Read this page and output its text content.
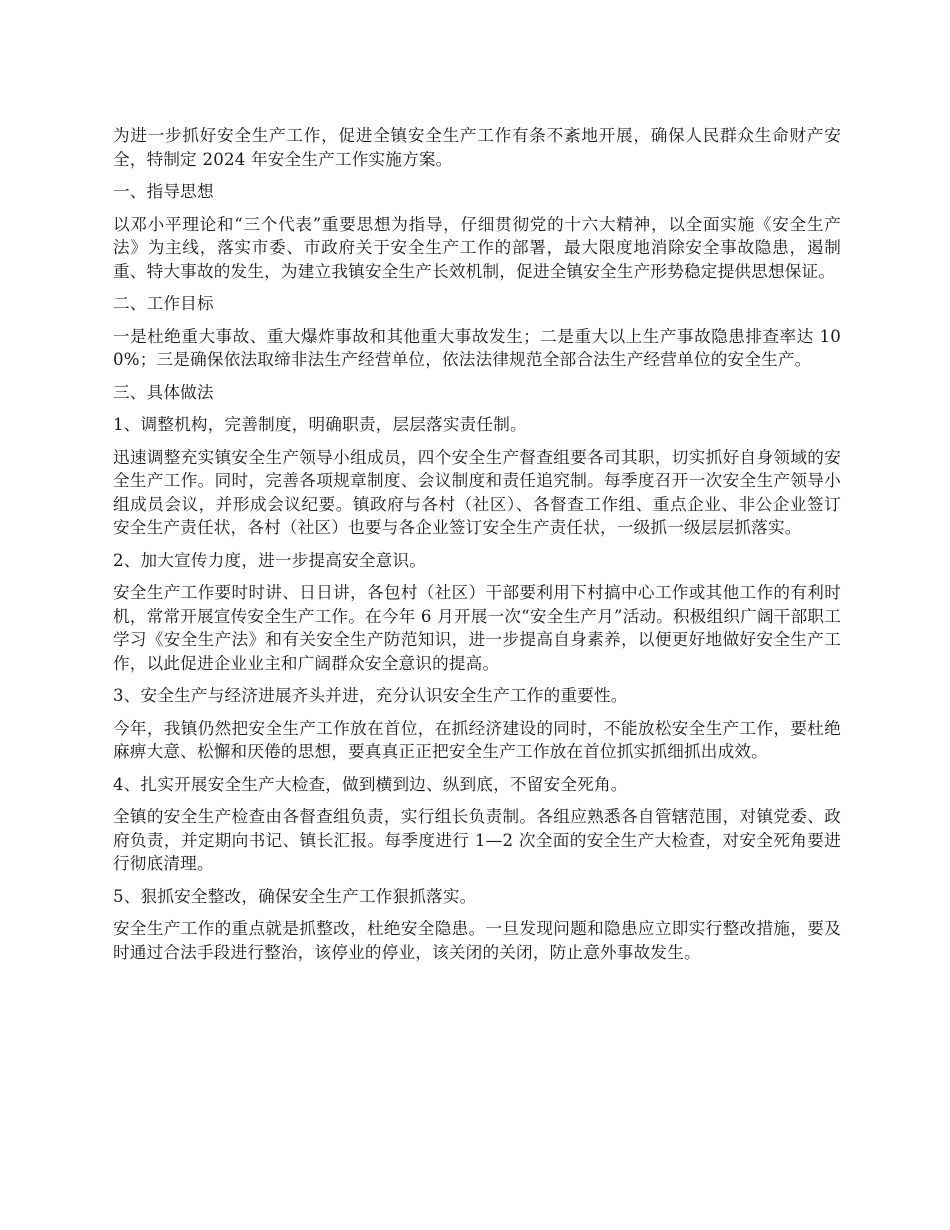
为进一步抓好安全生产工作，促进全镇安全生产工作有条不紊地开展，确保人民群众生命财产安全，特制定 2024 年安全生产工作实施方案。

一、指导思想

以邓小平理论和“三个代表”重要思想为指导，仔细贯彻党的十六大精神，以全面实施《安全生产法》为主线，落实市委、市政府关于安全生产工作的部署，最大限度地消除安全事故隐患，遏制重、特大事故的发生，为建立我镇安全生产长效机制，促进全镇安全生产形势稳定提供思想保证。

二、工作目标

一是杜绝重大事故、重大爆炸事故和其他重大事故发生；二是重大以上生产事故隐患排查率达 100%；三是确保依法取缔非法生产经营单位，依法法律规范全部合法生产经营单位的安全生产。

三、具体做法

1、调整机构，完善制度，明确职责，层层落实责任制。

迅速调整充实镇安全生产领导小组成员，四个安全生产督查组要各司其职，切实抓好自身领域的安全生产工作。同时，完善各项规章制度、会议制度和责任追究制。每季度召开一次安全生产领导小组成员会议，并形成会议纪要。镇政府与各村（社区）、各督查工作组、重点企业、非公企业签订安全生产责任状，各村（社区）也要与各企业签订安全生产责任状，一级抓一级层层抓落实。

2、加大宣传力度，进一步提高安全意识。

安全生产工作要时时讲、日日讲，各包村（社区）干部要利用下村搞中心工作或其他工作的有利时机，常常开展宣传安全生产工作。在今年 6 月开展一次“安全生产月”活动。积极组织广阔干部职工学习《安全生产法》和有关安全生产防范知识，进一步提高自身素养，以便更好地做好安全生产工作，以此促进企业业主和广阔群众安全意识的提高。

3、安全生产与经济进展齐头并进，充分认识安全生产工作的重要性。

今年，我镇仍然把安全生产工作放在首位，在抓经济建设的同时，不能放松安全生产工作，要杜绝麻痹大意、松懈和厌倦的思想，要真真正正把安全生产工作放在首位抓实抓细抓出成效。

4、扎实开展安全生产大检查，做到横到边、纵到底，不留安全死角。

全镇的安全生产检查由各督查组负责，实行组长负责制。各组应熟悉各自管辖范围，对镇党委、政府负责，并定期向书记、镇长汇报。每季度进行 1—2 次全面的安全生产大检查，对安全死角要进行彻底清理。

5、狠抓安全整改，确保安全生产工作狠抓落实。

安全生产工作的重点就是抓整改，杜绝安全隐患。一旦发现问题和隐患应立即实行整改措施，要及时通过合法手段进行整治，该停业的停业，该关闭的关闭，防止意外事故发生。
